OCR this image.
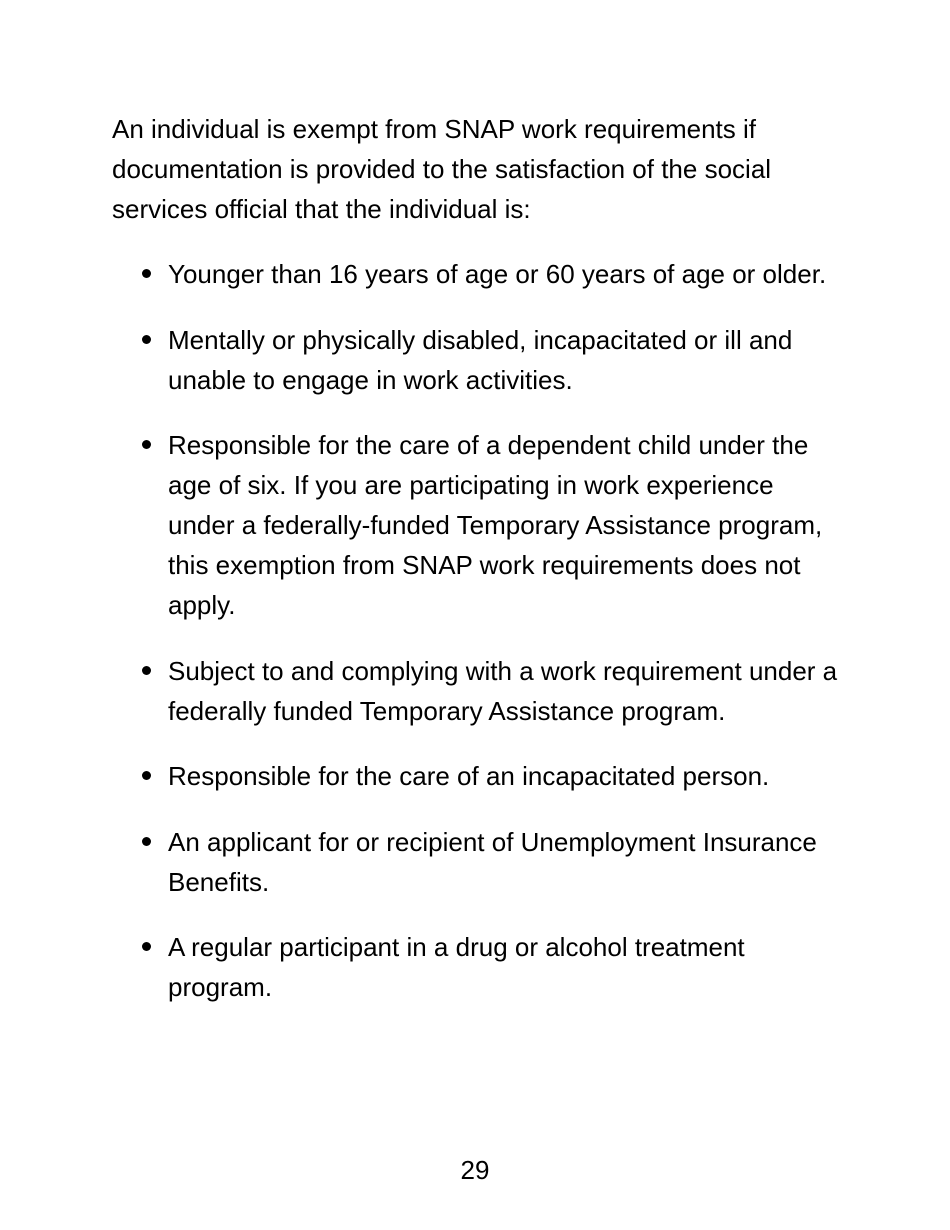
An individual is exempt from SNAP work requirements if documentation is provided to the satisfaction of the social services official that the individual is:

Younger than 16 years of age or 60 years of age or older.
Mentally or physically disabled, incapacitated or ill and unable to engage in work activities.
Responsible for the care of a dependent child under the age of six. If you are participating in work experience under a federally-funded Temporary Assistance program, this exemption from SNAP work requirements does not apply.
Subject to and complying with a work requirement under a federally funded Temporary Assistance program.
Responsible for the care of an incapacitated person.
An applicant for or recipient of Unemployment Insurance Benefits.
A regular participant in a drug or alcohol treatment program.

29
